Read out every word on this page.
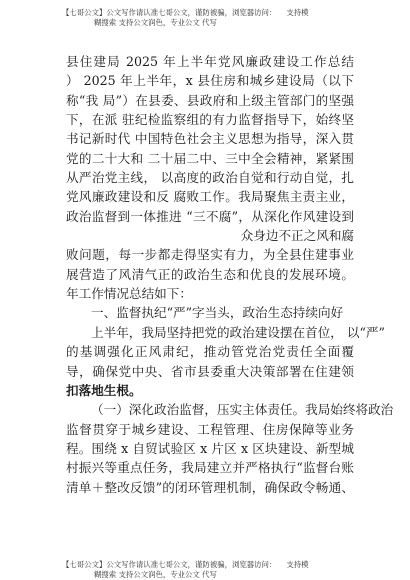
【七哥公文】公文写作请认准七哥公文，谨防被骗，浏览器访问： 支持模
糊搜索 支持公文润色，专业公文 代写
县住建局 2025 年上半年党风廉政建设工作总结
） 2025 年上半年，x 县住房和城乡建设局（以下
称“我 局”）在县委、县政府和上级主管部门的坚强
下，在派 驻纪检监察组的有力监督指导下，始终坚
书记新时代 中国特色社会主义思想为指导，深入贯
党的二十大和 二十届二中、三中全会精神，紧紧围
从严治党主线， 以高度的政治自觉和行动自觉，扎
党风廉政建设和反 腐败工作。我局聚焦主责主业，
政治监督到一体推进 “三不腐”，从深化作风建设到
众身边不正之风和腐
败问题，每一步都走得坚实有力，为全县住建事业
展营造了风清气正的政治生态和优良的发展环境。
年工作情况总结如下：
一、监督执纪“严”字当头，政治生态持续向好
上半年，我局坚持把党的政治建设摆在首位， 以“严”
的基调强化正风肃纪，推动管党治党责任全面覆
导，确保党中央、省市县委重大决策部署在住建领
扣落地生根。
（一）深化政治监督，压实主体责任。我局始终将政治
监督贯穿于城乡建设、工程管理、住房保障等业务
程。围绕 x 自贸试验区 x 片区 x 区块建设、新型城
村振兴等重点任务，我局建立并严格执行“监督台账
清单＋整改反馈”的闭环管理机制，确保政令畅通、
【七哥公文】公文写作请认准七哥公文，谨防被骗，浏览器访问： 支持模
糊搜索 支持公文润色，专业公文 代写
